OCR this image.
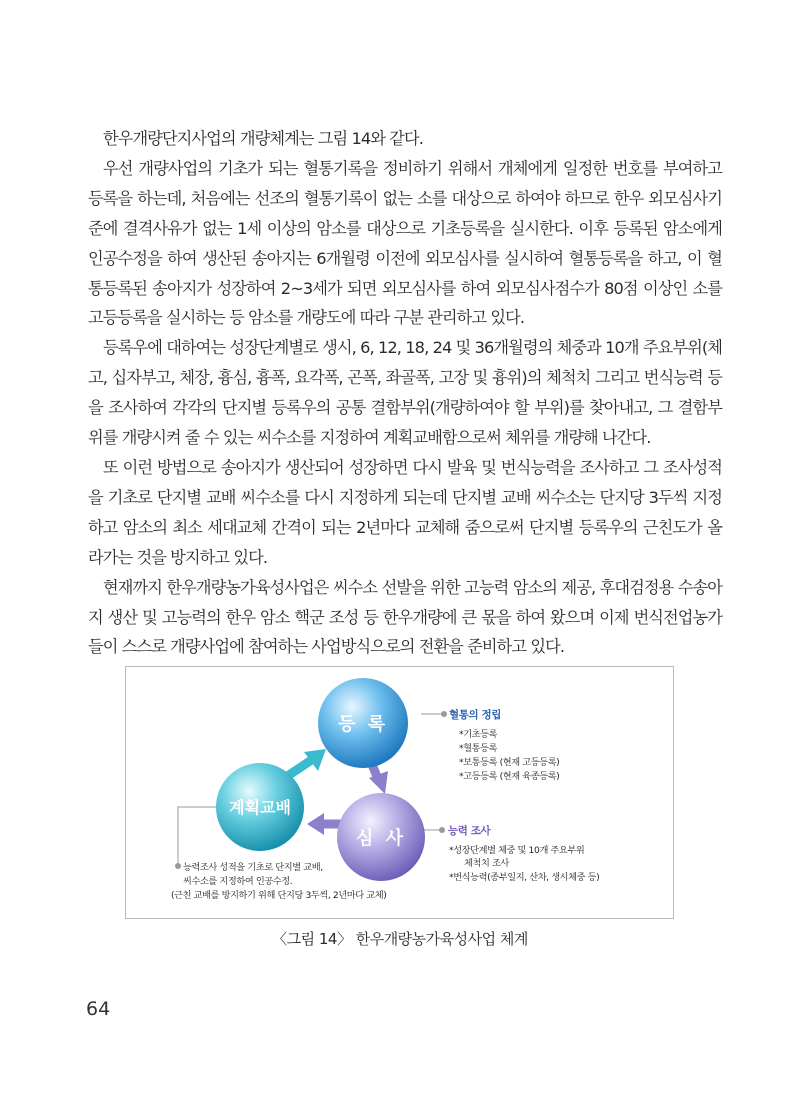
한우개량단지사업의 개량체계는 그림 14와 같다.

우선 개량사업의 기초가 되는 혈통기록을 정비하기 위해서 개체에게 일정한 번호를 부여하고 등록을 하는데, 처음에는 선조의 혈통기록이 없는 소를 대상으로 하여야 하므로 한우 외모심사기준에 결격사유가 없는 1세 이상의 암소를 대상으로 기초등록을 실시한다. 이후 등록된 암소에게 인공수정을 하여 생산된 송아지는 6개월령 이전에 외모심사를 실시하여 혈통등록을 하고, 이 혈통등록된 송아지가 성장하여 2~3세가 되면 외모심사를 하여 외모심사점수가 80점 이상인 소를 고등등록을 실시하는 등 암소를 개량도에 따라 구분 관리하고 있다.

등록우에 대하여는 성장단계별로 생시, 6, 12, 18, 24 및 36개월령의 체중과 10개 주요부위(체고, 십자부고, 체장, 흉심, 흉폭, 요각폭, 곤폭, 좌골폭, 고장 및 흉위)의 체척치 그리고 번식능력 등을 조사하여 각각의 단지별 등록우의 공통 결함부위(개량하여야 할 부위)를 찾아내고, 그 결함부위를 개량시켜 줄 수 있는 씨수소를 지정하여 계획교배함으로써 체위를 개량해 나간다.

또 이런 방법으로 송아지가 생산되어 성장하면 다시 발육 및 번식능력을 조사하고 그 조사성적을 기초로 단지별 교배 씨수소를 다시 지정하게 되는데 단지별 교배 씨수소는 단지당 3두씩 지정하고 암소의 최소 세대교체 간격이 되는 2년마다 교체해 줌으로써 단지별 등록우의 근친도가 올라가는 것을 방지하고 있다.

현재까지 한우개량농가육성사업은 씨수소 선발을 위한 고능력 암소의 제공, 후대검정용 수송아지 생산 및 고능력의 한우 암소 핵군 조성 등 한우개량에 큰 몫을 하여 왔으며 이제 번식전업농가들이 스스로 개량사업에 참여하는 사업방식으로의 전환을 준비하고 있다.

등 록
심 사
계획교배
혈통의 정립
*기초등록
*혈통등록
*보통등록 (현재 고등등록)
*고등등록 (현재 육종등록)
능력 조사
*성장단계별 체중 및 10개 주요부위
체척치 조사
*번식능력(종부일지, 산차, 생시체중 등)
능력조사 성적을 기초로 단지별 교배,
씨수소를 지정하여 인공수정.
(근친 교배를 방지하기 위해 단지당 3두씩, 2년마다 교체)
〈그림 14〉 한우개량농가육성사업 체계
64
